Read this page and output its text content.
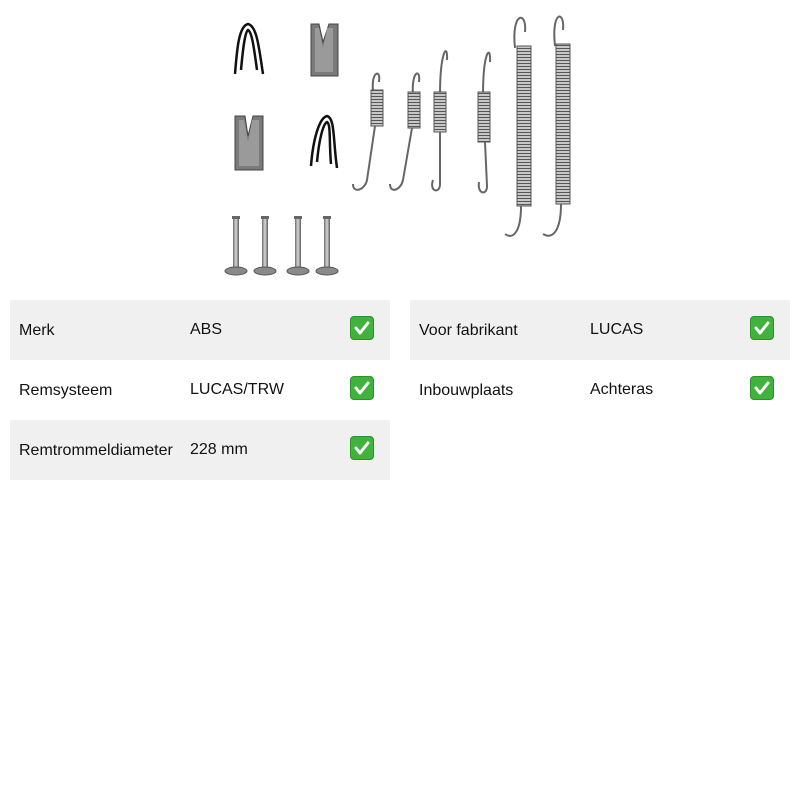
Merk	ABS
Remsysteem	LUCAS/TRW
Remtrommeldiameter 228 mm
Voor fabrikant	LUCAS
Inbouwplaats	Achteras
